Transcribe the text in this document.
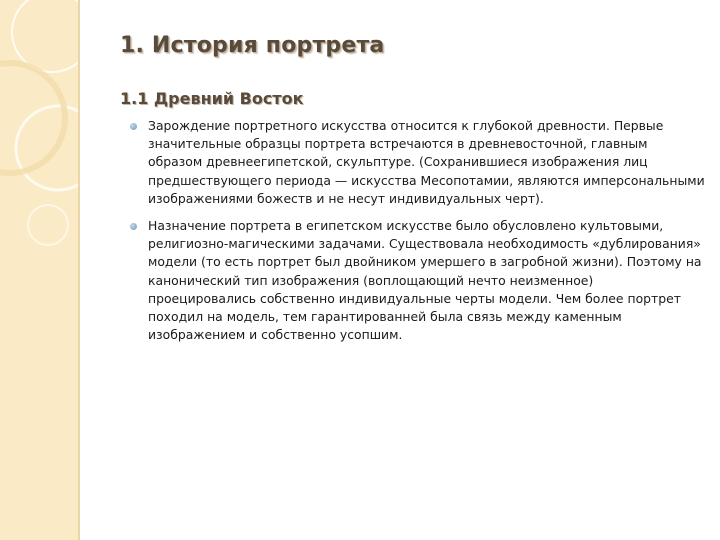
1. История портрета
1.1 Древний Восток
Зарождение портретного искусства относится к глубокой древности. Первые значительные образцы портрета встречаются в древневосточной, главным образом древнеегипетской, скульптуре. (Сохранившиеся изображения лиц предшествующего периода — искусства Месопотамии, являются имперсональными изображениями божеств и не несут индивидуальных черт).
Назначение портрета в египетском искусстве было обусловлено культовыми, религиозно-магическими задачами. Существовала необходимость «дублирования» модели (то есть портрет был двойником умершего в загробной жизни). Поэтому на канонический тип изображения (воплощающий нечто неизменное) проецировались собственно индивидуальные черты модели. Чем более портрет походил на модель, тем гарантированней была связь между каменным изображением и собственно усопшим.
